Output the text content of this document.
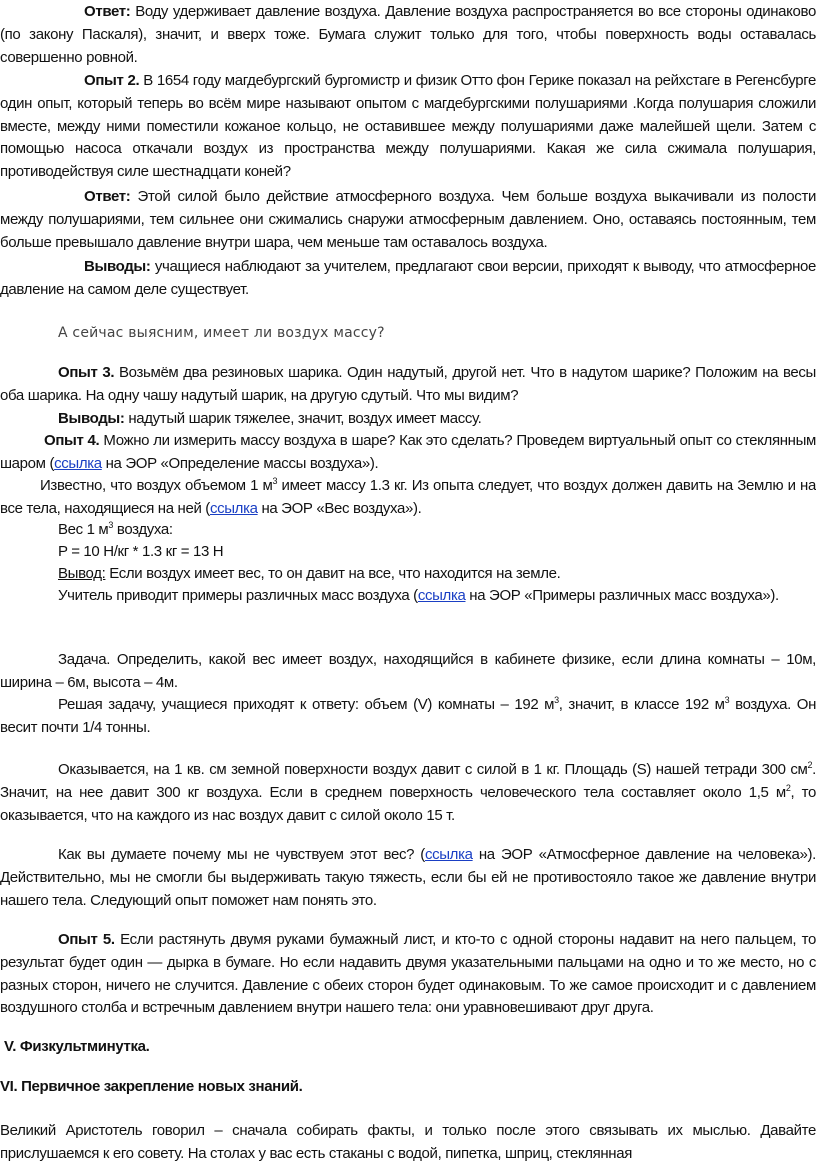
Ответ: Воду удерживает давление воздуха. Давление воздуха распространяется во все стороны одинаково (по закону Паскаля), значит, и вверх тоже. Бумага служит только для того, чтобы поверхность воды оставалась совершенно ровной.
Опыт 2. В 1654 году магдебургский бургомистр и физик Отто фон Герике показал на рейхстаге в Регенсбурге один опыт, который теперь во всём мире называют опытом с магдебургскими полушариями .Когда полушария сложили вместе, между ними поместили кожаное кольцо, не оставившее между полушариями даже малейшей щели. Затем с помощью насоса откачали воздух из пространства между полушариями. Какая же сила сжимала полушария, противодействуя силе шестнадцати коней?
Ответ: Этой силой было действие атмосферного воздуха. Чем больше воздуха выкачивали из полости между полушариями, тем сильнее они сжимались снаружи атмосферным давлением. Оно, оставаясь постоянным, тем больше превышало давление внутри шара, чем меньше там оставалось воздуха.
Выводы: учащиеся наблюдают за учителем, предлагают свои версии, приходят к выводу, что атмосферное давление на самом деле существует.
А сейчас выясним, имеет ли воздух массу?
Опыт 3. Возьмём два резиновых шарика. Один надутый, другой нет. Что в надутом шарике? Положим на весы оба шарика. На одну чашу надутый шарик, на другую сдутый. Что мы видим?
Выводы: надутый шарик тяжелее, значит, воздух имеет массу.
Опыт 4. Можно ли измерить массу воздуха в шаре? Как это сделать? Проведем виртуальный опыт со стеклянным шаром (ссылка на ЭОР «Определение массы воздуха»).
Известно, что воздух объемом 1 $м^3$ имеет массу 1.3 кг. Из опыта следует, что воздух должен давить на Землю и на все тела, находящиеся на ней (ссылка на ЭОР «Вес воздуха»).
Вес 1 $м^3$ воздуха:
P = 10 Н/кг * 1.3 кг = 13 Н
Вывод: Если воздух имеет вес, то он давит на все, что находится на земле.
Учитель приводит примеры различных масс воздуха (ссылка на ЭОР «Примеры различных масс воздуха»).
Задача. Определить, какой вес имеет воздух, находящийся в кабинете физике, если длина комнаты – 10м, ширина – 6м, высота – 4м.
Решая задачу, учащиеся приходят к ответу: объем (V) комнаты – 192 $м^3$, значит, в классе 192 $м^3$ воздуха. Он весит почти 1/4 тонны.
Оказывается, на 1 кв. см земной поверхности воздух давит с силой в 1 кг. Площадь (S) нашей тетради 300 $см^2$. Значит, на нее давит 300 кг воздуха. Если в среднем поверхность человеческого тела составляет около 1,5 $м^2$, то оказывается, что на каждого из нас воздух давит с силой около 15 т.
Как вы думаете почему мы не чувствуем этот вес? (ссылка на ЭОР «Атмосферное давление на человека»). Действительно, мы не смогли бы выдерживать такую тяжесть, если бы ей не противостояло такое же давление внутри нашего тела. Следующий опыт поможет нам понять это.
Опыт 5. Если растянуть двумя руками бумажный лист, и кто-то с одной стороны надавит на него пальцем, то результат будет один — дырка в бумаге. Но если надавить двумя указательными пальцами на одно и то же место, но с разных сторон, ничего не случится. Давление с обеих сторон будет одинаковым. То же самое происходит и с давлением воздушного столба и встречным давлением внутри нашего тела: они уравновешивают друг друга.
V. Физкультминутка.
VI. Первичное закрепление новых знаний.
Великий Аристотель говорил – сначала собирать факты, и только после этого связывать их мыслью. Давайте прислушаемся к его совету. На столах у вас есть стаканы с водой, пипетка, шприц, стеклянная
